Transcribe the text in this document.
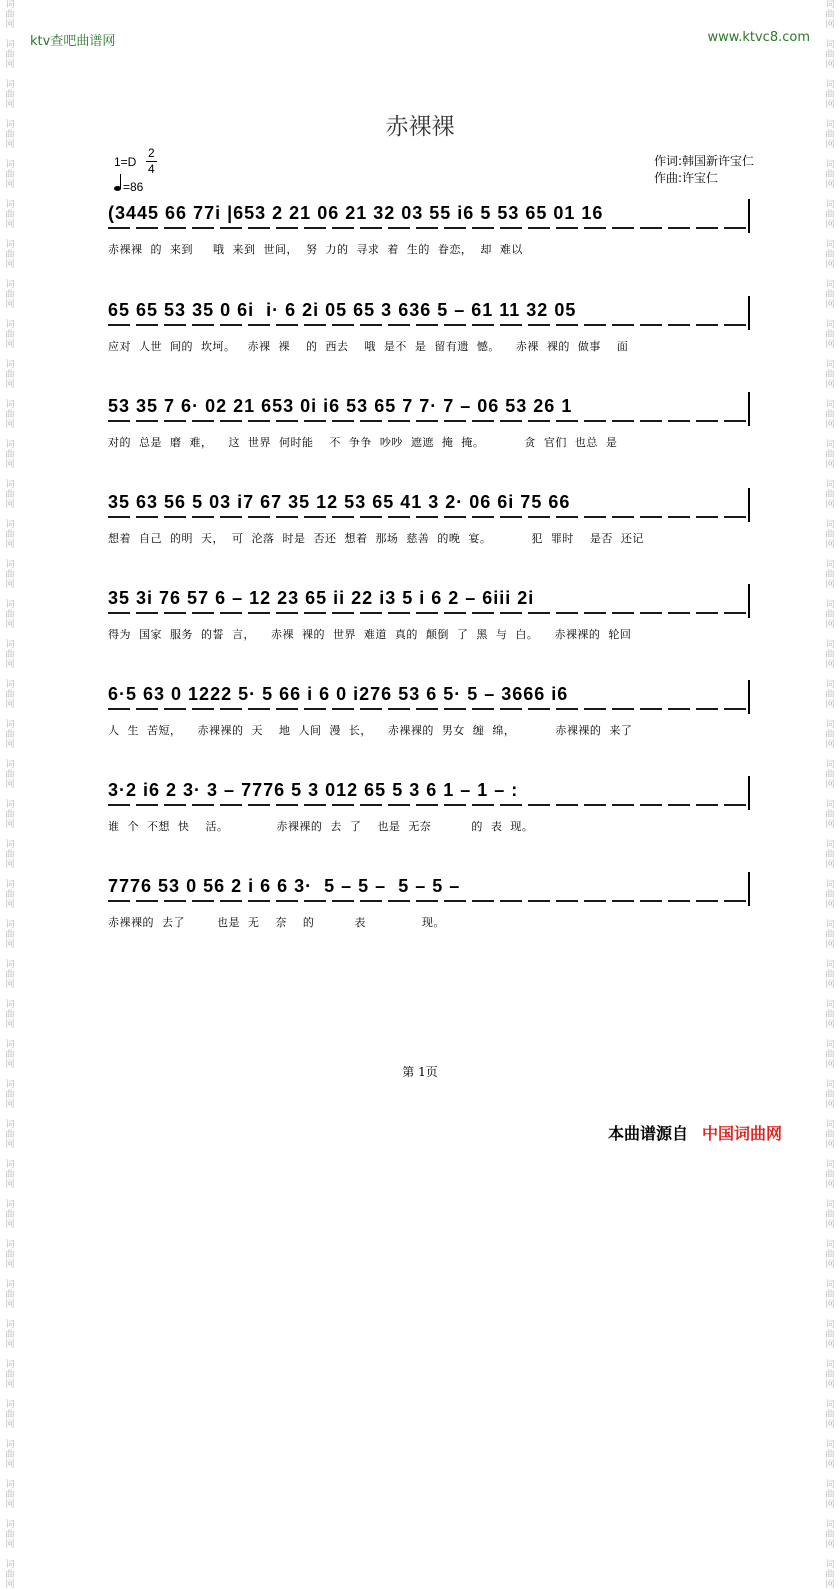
词
曲
网

词
曲
网

词
曲
网

词
曲
网

词
曲
网

词
曲
网

词
曲
网

词
曲
网

词
曲
网

词
曲
网

词
曲
网

词
曲
网

词
曲
网

词
曲
网

词
曲
网

词
曲
网

词
曲
网

词
曲
网

词
曲
网

词
曲
网

词
曲
网

词
曲
网

词
曲
网

词
曲
网

词
曲
网

词
曲
网

词
曲
网

词
曲
网

词
曲
网

词
曲
网

词
曲
网

词
曲
网

词
曲
网

词
曲
网

词
曲
网

词
曲
网

词
曲
网

词
曲
网

词
曲
网

词
曲
网

词
曲
网

词
曲
网

词
曲
网

词
曲
网

词
曲
网

词
曲
网

词
曲
网

词
曲
网

词
曲
网

词
曲
网

词
曲
网

词
曲
网

词
曲
网

词
曲
网

词
曲
网

词
曲
网

词
曲
网

词
曲
网

词
曲
网

词
曲
网

词
曲
网

词
曲
网

词
曲
网

词
曲
网

词
曲
网

词
曲
网

词
曲
网

词
曲
网

词
曲
网

词
曲
网

词
曲
网

词
曲
网

词
曲
网

词
曲
网

词
曲
网

词
曲
网

词
曲
网

词
曲
网

词
曲
网

词
曲
网

ktv查吧曲谱网	www.ktvc8.com
赤裸裸
1=D
2
4
=86
作词:韩国新许宝仁
作曲:许宝仁
(3445 66 77i |653 2 21 06 21 32 03 55 i6 5 53 65 01 16
赤裸裸  的  来到     哦  来到  世间，  努  力的  寻求  着  生的  眷恋，  却  难以
65 65 53 35 0 6i  i· 6 2i 05 65 3 636 5 – 61 11 32 05
应对  人世  间的  坎坷。   赤裸  裸    的  西去    哦  是不  是  留有遗  憾。    赤裸  裸的  做事    面
53 35 7 6· 02 21 653 0i i6 53 65 7 7· 7 – 06 53 26 1
对的  总是  磨  难，    这  世界  何时能    不  争争  吵吵  遮遮  掩  掩。          贪  官们  也总  是
35 63 56 5 03 i7 67 35 12 53 65 41 3 2· 06 6i 75 66
想着  自己  的明  天，  可  沦落  时是  否还  想着  那场  慈善  的晚  宴。          犯  罪时    是否  还记
35 3i 76 57 6 – 12 23 65 ii 22 i3 5 i 6 2 – 6iii 2i
得为  国家  服务  的誓  言，    赤裸  裸的  世界  难道  真的  颠倒  了  黑  与  白。    赤裸裸的  轮回
6·5 63 0 1222 5· 5 66 i 6 0 i276 53 6 5· 5 – 3666 i6
人  生  苦短，    赤裸裸的  天    地  人间  漫  长，    赤裸裸的  男女  缠  绵，          赤裸裸的  来了
3·2 i6 2 3· 3 – 7776 5 3 012 65 5 3 6 1 – 1 – :
谁  个  不想  快    活。            赤裸裸的  去  了    也是  无奈          的  表  现。
7776 53 0 56 2 i 6 6 3·  5 – 5 –  5 – 5 –
赤裸裸的  去了        也是  无    奈    的          表              现。
第 1页
本曲谱源自 中国词曲网
